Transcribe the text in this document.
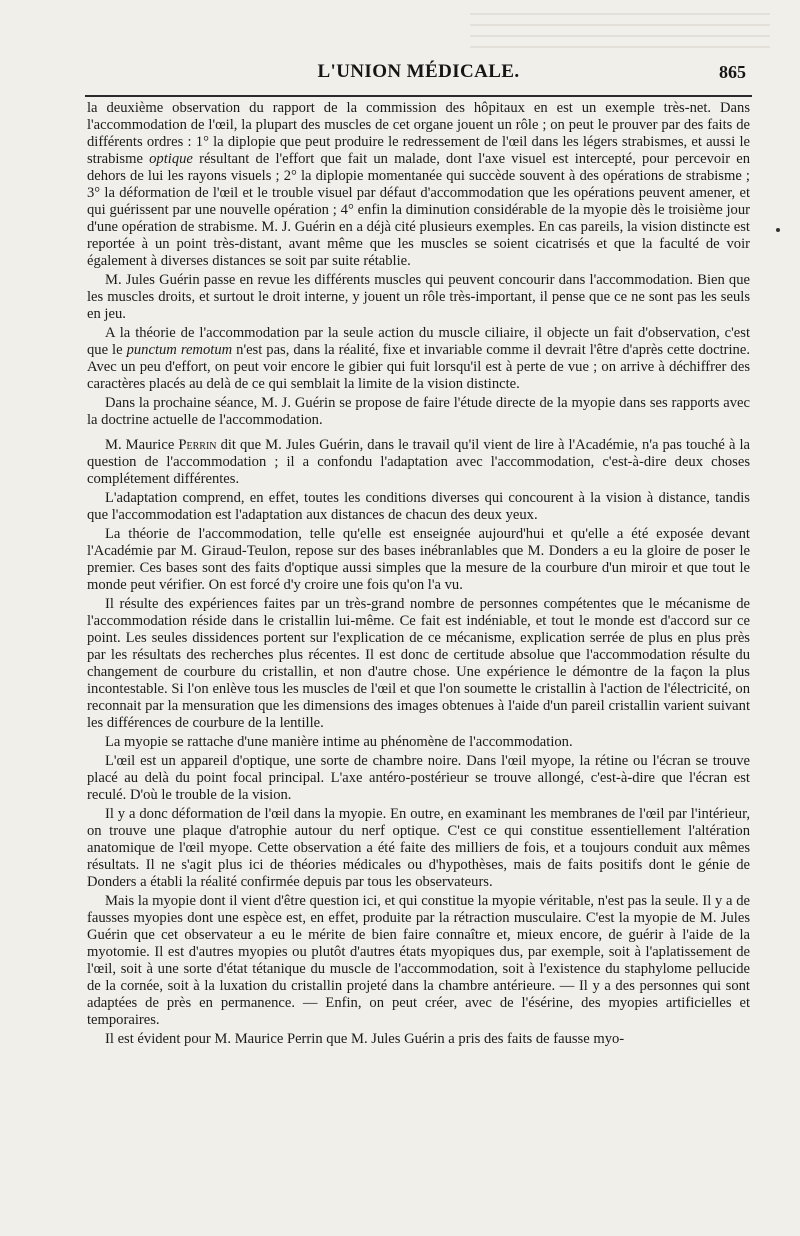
L'UNION MÉDICALE.	865

la deuxième observation du rapport de la commission des hôpitaux en est un exemple très-net. Dans l'accommodation de l'œil, la plupart des muscles de cet organe jouent un rôle ; on peut le prouver par des faits de différents ordres : 1° la diplopie que peut produire le redressement de l'œil dans les légers strabismes, et aussi le strabisme optique résultant de l'effort que fait un malade, dont l'axe visuel est intercepté, pour percevoir en dehors de lui les rayons visuels ; 2° la diplopie momentanée qui succède souvent à des opérations de strabisme ; 3° la déformation de l'œil et le trouble visuel par défaut d'accommodation que les opérations peuvent amener, et qui guérissent par une nouvelle opération ; 4° enfin la diminution considérable de la myopie dès le troisième jour d'une opération de strabisme. M. J. Guérin en a déjà cité plusieurs exemples. En cas pareils, la vision distincte est reportée à un point très-distant, avant même que les muscles se soient cicatrisés et que la faculté de voir également à diverses distances se soit par suite rétablie.

M. Jules Guérin passe en revue les différents muscles qui peuvent concourir dans l'accommodation. Bien que les muscles droits, et surtout le droit interne, y jouent un rôle très-important, il pense que ce ne sont pas les seuls en jeu.

A la théorie de l'accommodation par la seule action du muscle ciliaire, il objecte un fait d'observation, c'est que le punctum remotum n'est pas, dans la réalité, fixe et invariable comme il devrait l'être d'après cette doctrine. Avec un peu d'effort, on peut voir encore le gibier qui fuit lorsqu'il est à perte de vue ; on arrive à déchiffrer des caractères placés au delà de ce qui semblait la limite de la vision distincte.

Dans la prochaine séance, M. J. Guérin se propose de faire l'étude directe de la myopie dans ses rapports avec la doctrine actuelle de l'accommodation.

M. Maurice Perrin dit que M. Jules Guérin, dans le travail qu'il vient de lire à l'Académie, n'a pas touché à la question de l'accommodation ; il a confondu l'adaptation avec l'accommodation, c'est-à-dire deux choses complétement différentes.

L'adaptation comprend, en effet, toutes les conditions diverses qui concourent à la vision à distance, tandis que l'accommodation est l'adaptation aux distances de chacun des deux yeux.

La théorie de l'accommodation, telle qu'elle est enseignée aujourd'hui et qu'elle a été exposée devant l'Académie par M. Giraud-Teulon, repose sur des bases inébranlables que M. Donders a eu la gloire de poser le premier. Ces bases sont des faits d'optique aussi simples que la mesure de la courbure d'un miroir et que tout le monde peut vérifier. On est forcé d'y croire une fois qu'on l'a vu.

Il résulte des expériences faites par un très-grand nombre de personnes compétentes que le mécanisme de l'accommodation réside dans le cristallin lui-même. Ce fait est indéniable, et tout le monde est d'accord sur ce point. Les seules dissidences portent sur l'explication de ce mécanisme, explication serrée de plus en plus près par les résultats des recherches plus récentes. Il est donc de certitude absolue que l'accommodation résulte du changement de courbure du cristallin, et non d'autre chose. Une expérience le démontre de la façon la plus incontestable. Si l'on enlève tous les muscles de l'œil et que l'on soumette le cristallin à l'action de l'électricité, on reconnait par la mensuration que les dimensions des images obtenues à l'aide d'un pareil cristallin varient suivant les différences de courbure de la lentille.

La myopie se rattache d'une manière intime au phénomène de l'accommodation.

L'œil est un appareil d'optique, une sorte de chambre noire. Dans l'œil myope, la rétine ou l'écran se trouve placé au delà du point focal principal. L'axe antéro-postérieur se trouve allongé, c'est-à-dire que l'écran est reculé. D'où le trouble de la vision.

Il y a donc déformation de l'œil dans la myopie. En outre, en examinant les membranes de l'œil par l'intérieur, on trouve une plaque d'atrophie autour du nerf optique. C'est ce qui constitue essentiellement l'altération anatomique de l'œil myope. Cette observation a été faite des milliers de fois, et a toujours conduit aux mêmes résultats. Il ne s'agit plus ici de théories médicales ou d'hypothèses, mais de faits positifs dont le génie de Donders a établi la réalité confirmée depuis par tous les observateurs.

Mais la myopie dont il vient d'être question ici, et qui constitue la myopie véritable, n'est pas la seule. Il y a de fausses myopies dont une espèce est, en effet, produite par la rétraction musculaire. C'est la myopie de M. Jules Guérin que cet observateur a eu le mérite de bien faire connaître et, mieux encore, de guérir à l'aide de la myotomie. Il est d'autres myopies ou plutôt d'autres états myopiques dus, par exemple, soit à l'aplatissement de l'œil, soit à une sorte d'état tétanique du muscle de l'accommodation, soit à l'existence du staphylome pellucide de la cornée, soit à la luxation du cristallin projeté dans la chambre antérieure. — Il y a des personnes qui sont adaptées de près en permanence. — Enfin, on peut créer, avec de l'ésérine, des myopies artificielles et temporaires.

Il est évident pour M. Maurice Perrin que M. Jules Guérin a pris des faits de fausse myo-
